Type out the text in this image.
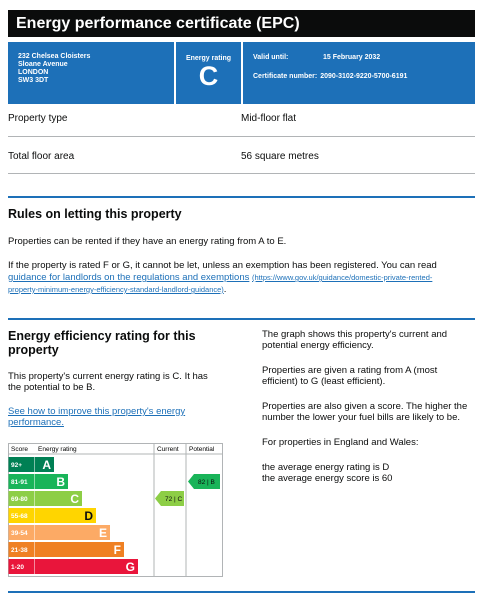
Energy performance certificate (EPC)
232 Chelsea Cloisters
Sloane Avenue
LONDON
SW3 3DT
Energy rating
C
Valid until:	15 February 2032
Certificate number: 2090-3102-9220-5700-6191
Property type	Mid-floor flat
Total floor area	56 square metres
Rules on letting this property
Properties can be rented if they have an energy rating from A to E.
If the property is rated F or G, it cannot be let, unless an exemption has been registered. You can read
guidance for landlords on the regulations and exemptions (https://www.gov.uk/guidance/domestic-private-rented-
property-minimum-energy-efficiency-standard-landlord-guidance).
Energy efficiency rating for this
property
This property's current energy rating is C. It has
the potential to be B.
See how to improve this property's energy
performance.
The graph shows this property's current and
potential energy efficiency.
Properties are given a rating from A (most
efficient) to G (least efficient).
Properties are also given a score. The higher the
number the lower your fuel bills are likely to be.
For properties in England and Wales:
the average energy rating is D
the average energy score is 60
Score Energy rating	Current Potential
92+ A
81-91 B
69-80	C
55-68	D
39-54	E
21-38	F
1-20	G
72 | C
82 | B
